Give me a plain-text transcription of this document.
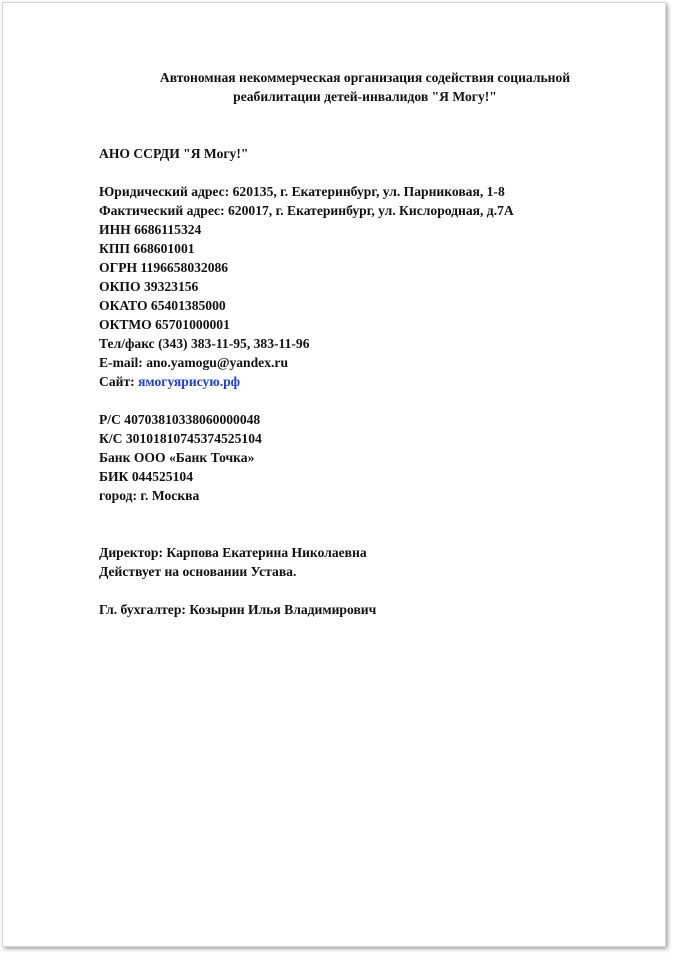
Автономная некоммерческая организация содействия социальной
реабилитации детей-инвалидов "Я Могу!"
АНО ССРДИ "Я Могу!"
Юридический адрес: 620135, г. Екатеринбург, ул. Парниковая, 1-8
Фактический адрес: 620017, г. Екатеринбург, ул. Кислородная, д.7А
ИНН 6686115324
КПП 668601001
ОГРН 1196658032086
ОКПО 39323156
ОКАТО 65401385000
ОКТМО 65701000001
Тел/факс (343) 383-11-95, 383-11-96
E-mail: ano.yamogu@yandex.ru
Сайт: ямогуярисую.рф
Р/С 40703810338060000048
К/С 30101810745374525104
Банк ООО «Банк Точка»
БИК 044525104
город: г. Москва
Директор: Карпова Екатерина Николаевна
Действует на основании Устава.
Гл. бухгалтер: Козырин Илья Владимирович
